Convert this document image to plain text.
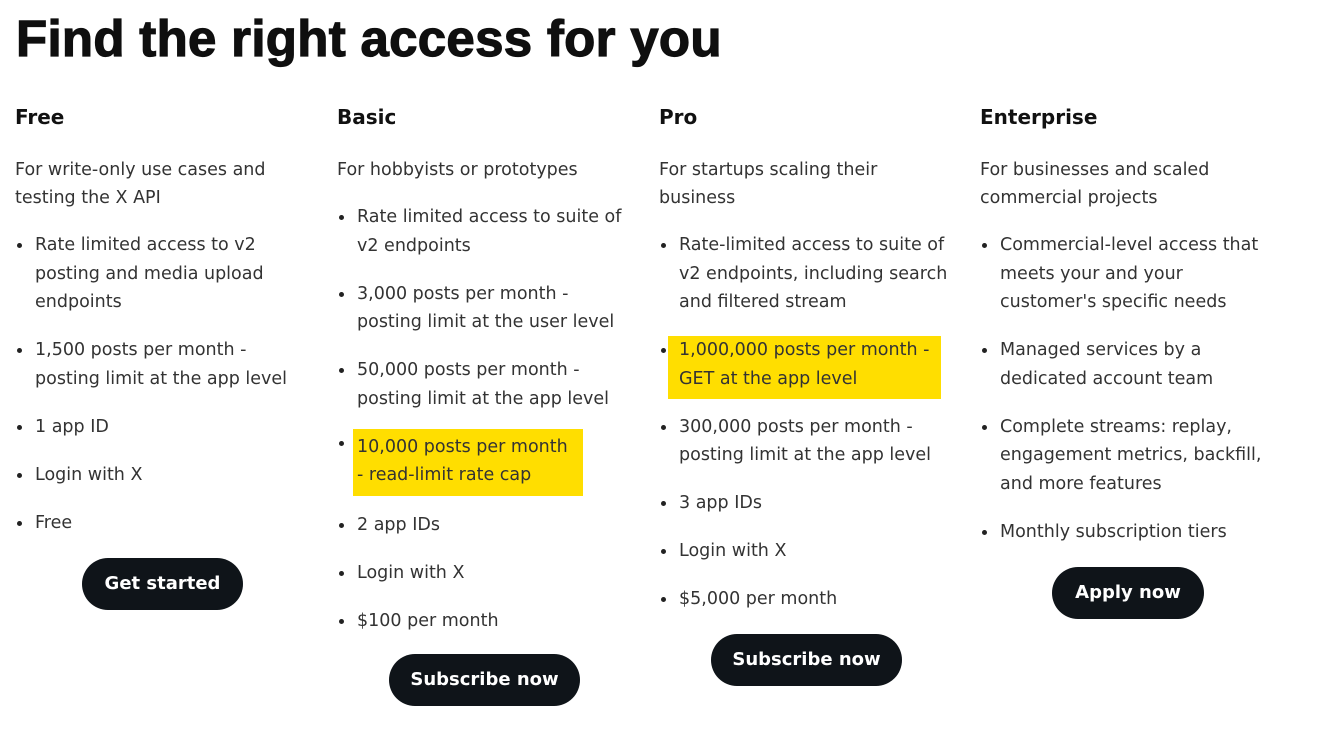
Find the right access for you
Free

For write-only use cases and testing the X API

Rate limited access to v2 posting and media upload endpoints
1,500 posts per month - posting limit at the app level
1 app ID
Login with X
Free
Get started
Basic

For hobbyists or prototypes

Rate limited access to suite of v2 endpoints
3,000 posts per month - posting limit at the user level
50,000 posts per month - posting limit at the app level
10,000 posts per month - read-limit rate cap
2 app IDs
Login with X
$100 per month
Subscribe now
Pro

For startups scaling their business

Rate-limited access to suite of v2 endpoints, including search and filtered stream
1,000,000 posts per month - GET at the app level
300,000 posts per month - posting limit at the app level
3 app IDs
Login with X
$5,000 per month
Subscribe now
Enterprise

For businesses and scaled commercial projects

Commercial-level access that meets your and your customer's specific needs
Managed services by a dedicated account team
Complete streams: replay, engagement metrics, backfill, and more features
Monthly subscription tiers
Apply now
